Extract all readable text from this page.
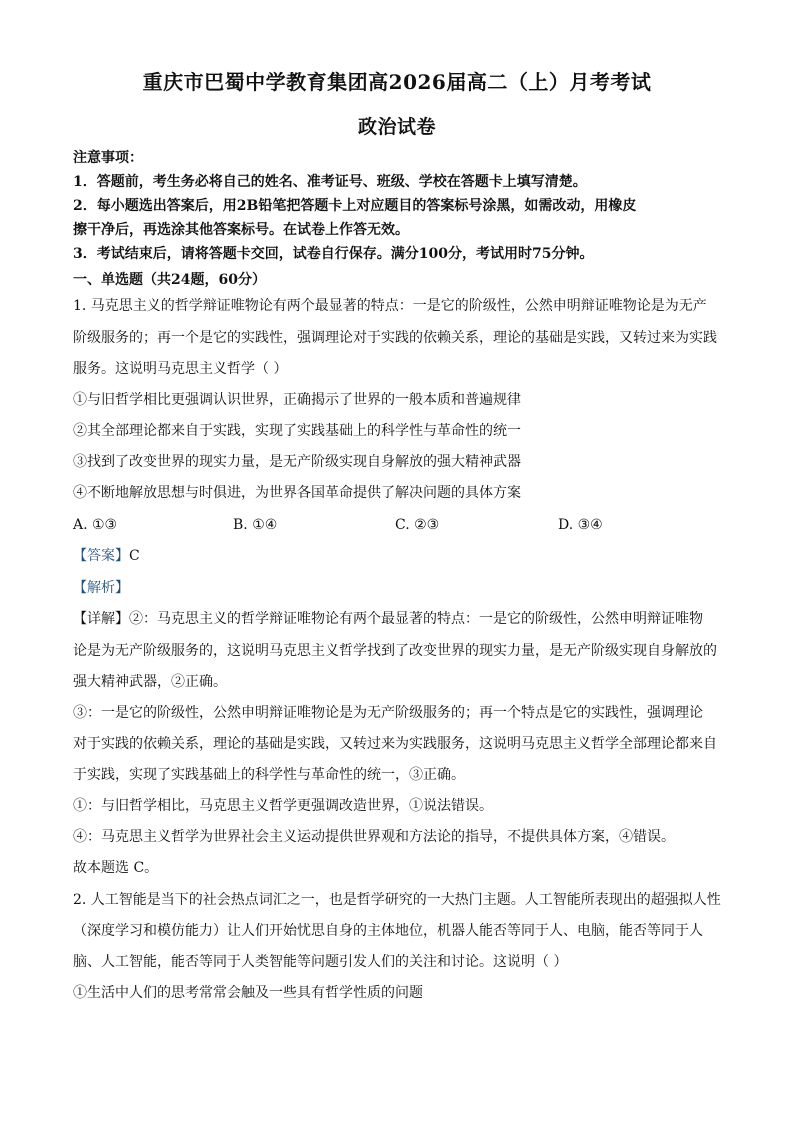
重庆市巴蜀中学教育集团高2026届高二（上）月考考试
政治试卷
注意事项：
1．答题前，考生务必将自己的姓名、准考证号、班级、学校在答题卡上填写清楚。
2．每小题选出答案后，用2B铅笔把答题卡上对应题目的答案标号涂黑，如需改动，用橡皮
擦干净后，再选涂其他答案标号。在试卷上作答无效。
3．考试结束后，请将答题卡交回，试卷自行保存。满分100分，考试用时75分钟。
一、单选题（共24题，60分）
1. 马克思主义的哲学辩证唯物论有两个最显著的特点：一是它的阶级性，公然申明辩证唯物论是为无产
阶级服务的；再一个是它的实践性，强调理论对于实践的依赖关系，理论的基础是实践，又转过来为实践
服务。这说明马克思主义哲学（ ）
①与旧哲学相比更强调认识世界，正确揭示了世界的一般本质和普遍规律
②其全部理论都来自于实践，实现了实践基础上的科学性与革命性的统一
③找到了改变世界的现实力量，是无产阶级实现自身解放的强大精神武器
④不断地解放思想与时俱进，为世界各国革命提供了解决问题的具体方案
A. ①③	B. ①④	C. ②③	D. ③④
【答案】C
【解析】
【详解】②：马克思主义的哲学辩证唯物论有两个最显著的特点：一是它的阶级性，公然申明辩证唯物
论是为无产阶级服务的，这说明马克思主义哲学找到了改变世界的现实力量，是无产阶级实现自身解放的
强大精神武器，②正确。
③：一是它的阶级性，公然申明辩证唯物论是为无产阶级服务的；再一个特点是它的实践性，强调理论
对于实践的依赖关系，理论的基础是实践，又转过来为实践服务，这说明马克思主义哲学全部理论都来自
于实践，实现了实践基础上的科学性与革命性的统一，③正确。
①：与旧哲学相比，马克思主义哲学更强调改造世界，①说法错误。
④：马克思主义哲学为世界社会主义运动提供世界观和方法论的指导，不提供具体方案，④错误。
故本题选 C。
2. 人工智能是当下的社会热点词汇之一，也是哲学研究的一大热门主题。人工智能所表现出的超强拟人性
（深度学习和模仿能力）让人们开始忧思自身的主体地位，机器人能否等同于人、电脑，能否等同于人
脑、人工智能，能否等同于人类智能等问题引发人们的关注和讨论。这说明（ ）
①生活中人们的思考常常会触及一些具有哲学性质的问题
